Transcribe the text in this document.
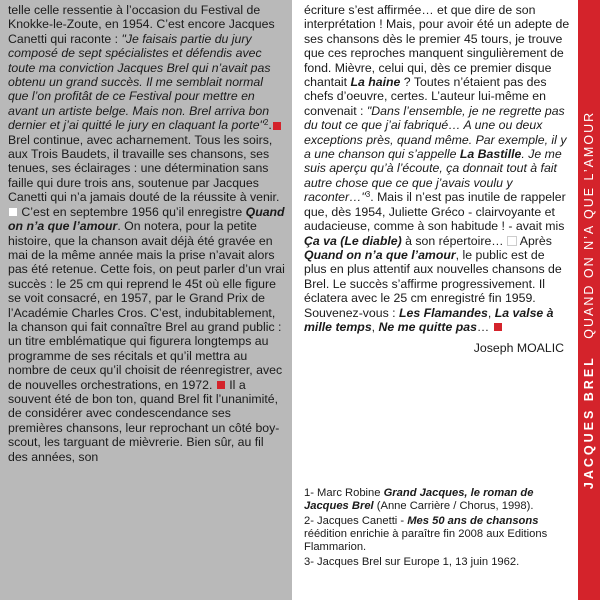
telle celle ressentie à l’occasion du Festival de Knokke-le-Zoute, en 1954. C’est encore Jacques Canetti qui raconte : "Je faisais partie du jury composé de sept spécialistes et défendis avec toute ma conviction Jacques Brel qui n’avait pas obtenu un grand succès. Il me semblait normal que l’on profitât de ce Festival pour mettre en avant un artiste belge. Mais non. Brel arriva bon dernier et j’ai quitté le jury en claquant la porte"$^2$. Brel continue, avec acharnement. Tous les soirs, aux Trois Baudets, il travaille ses chansons, ses tenues, ses éclairages : une détermination sans faille qui dure trois ans, soutenue par Jacques Canetti qui n’a jamais douté de la réussite à venir.  C’est en septembre 1956 qu’il enregistre Quand on n’a que l’amour. On notera, pour la petite histoire, que la chanson avait déjà été gravée en mai de la même année mais la prise n’avait alors pas été retenue. Cette fois, on peut parler d’un vrai succès : le 25 cm qui reprend le 45t où elle figure se voit consacré, en 1957, par le Grand Prix de l’Académie Charles Cros. C’est, indubitablement, la chanson qui fait connaître Brel au grand public : un titre emblématique qui figurera longtemps au programme de ses récitals et qu’il mettra au nombre de ceux qu’il choisit de réenregistrer, avec de nouvelles orchestrations, en 1972. Il a souvent été de bon ton, quand Brel fit l’unanimité, de considérer avec condescendance ses premières chansons, leur reprochant un côté boy-scout, les targuant de mièvrerie. Bien sûr, au fil des années, son

écriture s’est affirmée… et que dire de son interprétation ! Mais, pour avoir été un adepte de ses chansons dès le premier 45 tours, je trouve que ces reproches manquent singulièrement de fond. Mièvre, celui qui, dès ce premier disque chantait La haine ? Toutes n’étaient pas des chefs d’oeuvre, certes. L’auteur lui-même en convenait : "Dans l’ensemble, je ne regrette pas du tout ce que j’ai fabriqué… A une ou deux exceptions près, quand même. Par exemple, il y a une chanson qui s’appelle La Bastille. Je me suis aperçu qu’à l’écoute, ça donnait tout à fait autre chose que ce que j’avais voulu y raconter…"$^3$. Mais il n’est pas inutile de rappeler que, dès 1954, Juliette Gréco - clairvoyante et audacieuse, comme à son habitude ! - avait mis Ça va (Le diable) à son répertoire… Après Quand on n’a que l’amour, le public est de plus en plus attentif aux nouvelles chansons de Brel. Le succès s’affirme progressivement. Il éclatera avec le 25 cm enregistré fin 1959. Souvenez-vous : Les Flamandes, La valse à mille temps, Ne me quitte pas…

Joseph MOALIC

1- Marc Robine Grand Jacques, le roman de Jacques Brel (Anne Carrière / Chorus, 1998).

2- Jacques Canetti - Mes 50 ans de chansons réédition enrichie à paraître fin 2008 aux Editions Flammarion.

3- Jacques Brel sur Europe 1, 13 juin 1962.

JACQUES BREL   QUAND ON N’A QUE L’AMOUR
